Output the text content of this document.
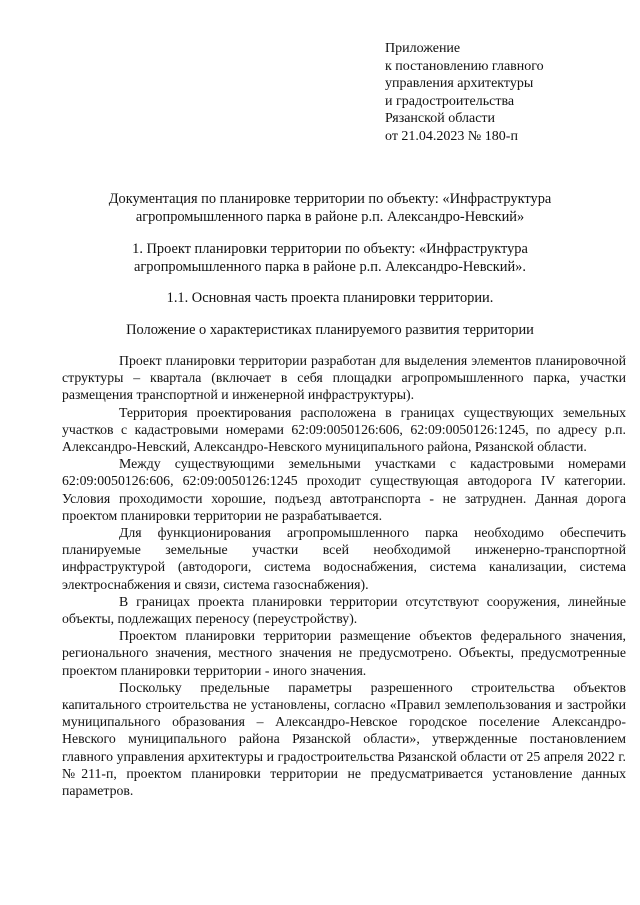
Приложение
к постановлению главного
управления архитектуры
и градостроительства
Рязанской области
от 21.04.2023 № 180-п
Документация по планировке территории по объекту: «Инфраструктура
агропромышленного парка в районе р.п. Александро-Невский»
1. Проект планировки территории по объекту: «Инфраструктура
агропромышленного парка в районе р.п. Александро-Невский».
1.1. Основная часть проекта планировки территории.
Положение о характеристиках планируемого развития территории

Проект планировки территории разработан для выделения элементов планировочной структуры – квартала (включает в себя площадки агропромышленного парка, участки размещения транспортной и инженерной инфраструктуры).

Территория проектирования расположена в границах существующих земельных участков с кадастровыми номерами 62:09:0050126:606, 62:09:0050126:1245, по адресу р.п. Александро-Невский, Александро-Невского муниципального района, Рязанской области.

Между существующими земельными участками с кадастровыми номерами 62:09:0050126:606, 62:09:0050126:1245 проходит существующая автодорога IV категории. Условия проходимости хорошие, подъезд автотранспорта - не затруднен. Данная дорога проектом планировки территории не разрабатывается.

Для функционирования агропромышленного парка необходимо обеспечить планируемые земельные участки всей необходимой инженерно-транспортной инфраструктурой (автодороги, система водоснабжения, система канализации, система электроснабжения и связи, система газоснабжения).

В границах проекта планировки территории отсутствуют сооружения, линейные объекты, подлежащих переносу (переустройству).

Проектом планировки территории размещение объектов федерального значения, регионального значения, местного значения не предусмотрено. Объекты, предусмотренные проектом планировки территории - иного значения.

Поскольку предельные параметры разрешенного строительства объектов капитального строительства не установлены, согласно «Правил землепользования и застройки муниципального образования – Александро-Невское городское поселение Александро-Невского муниципального района Рязанской области», утвержденные постановлением главного управления архитектуры и градостроительства Рязанской области от 25 апреля 2022 г. №211-п, проектом планировки территории не предусматривается установление данных параметров.
